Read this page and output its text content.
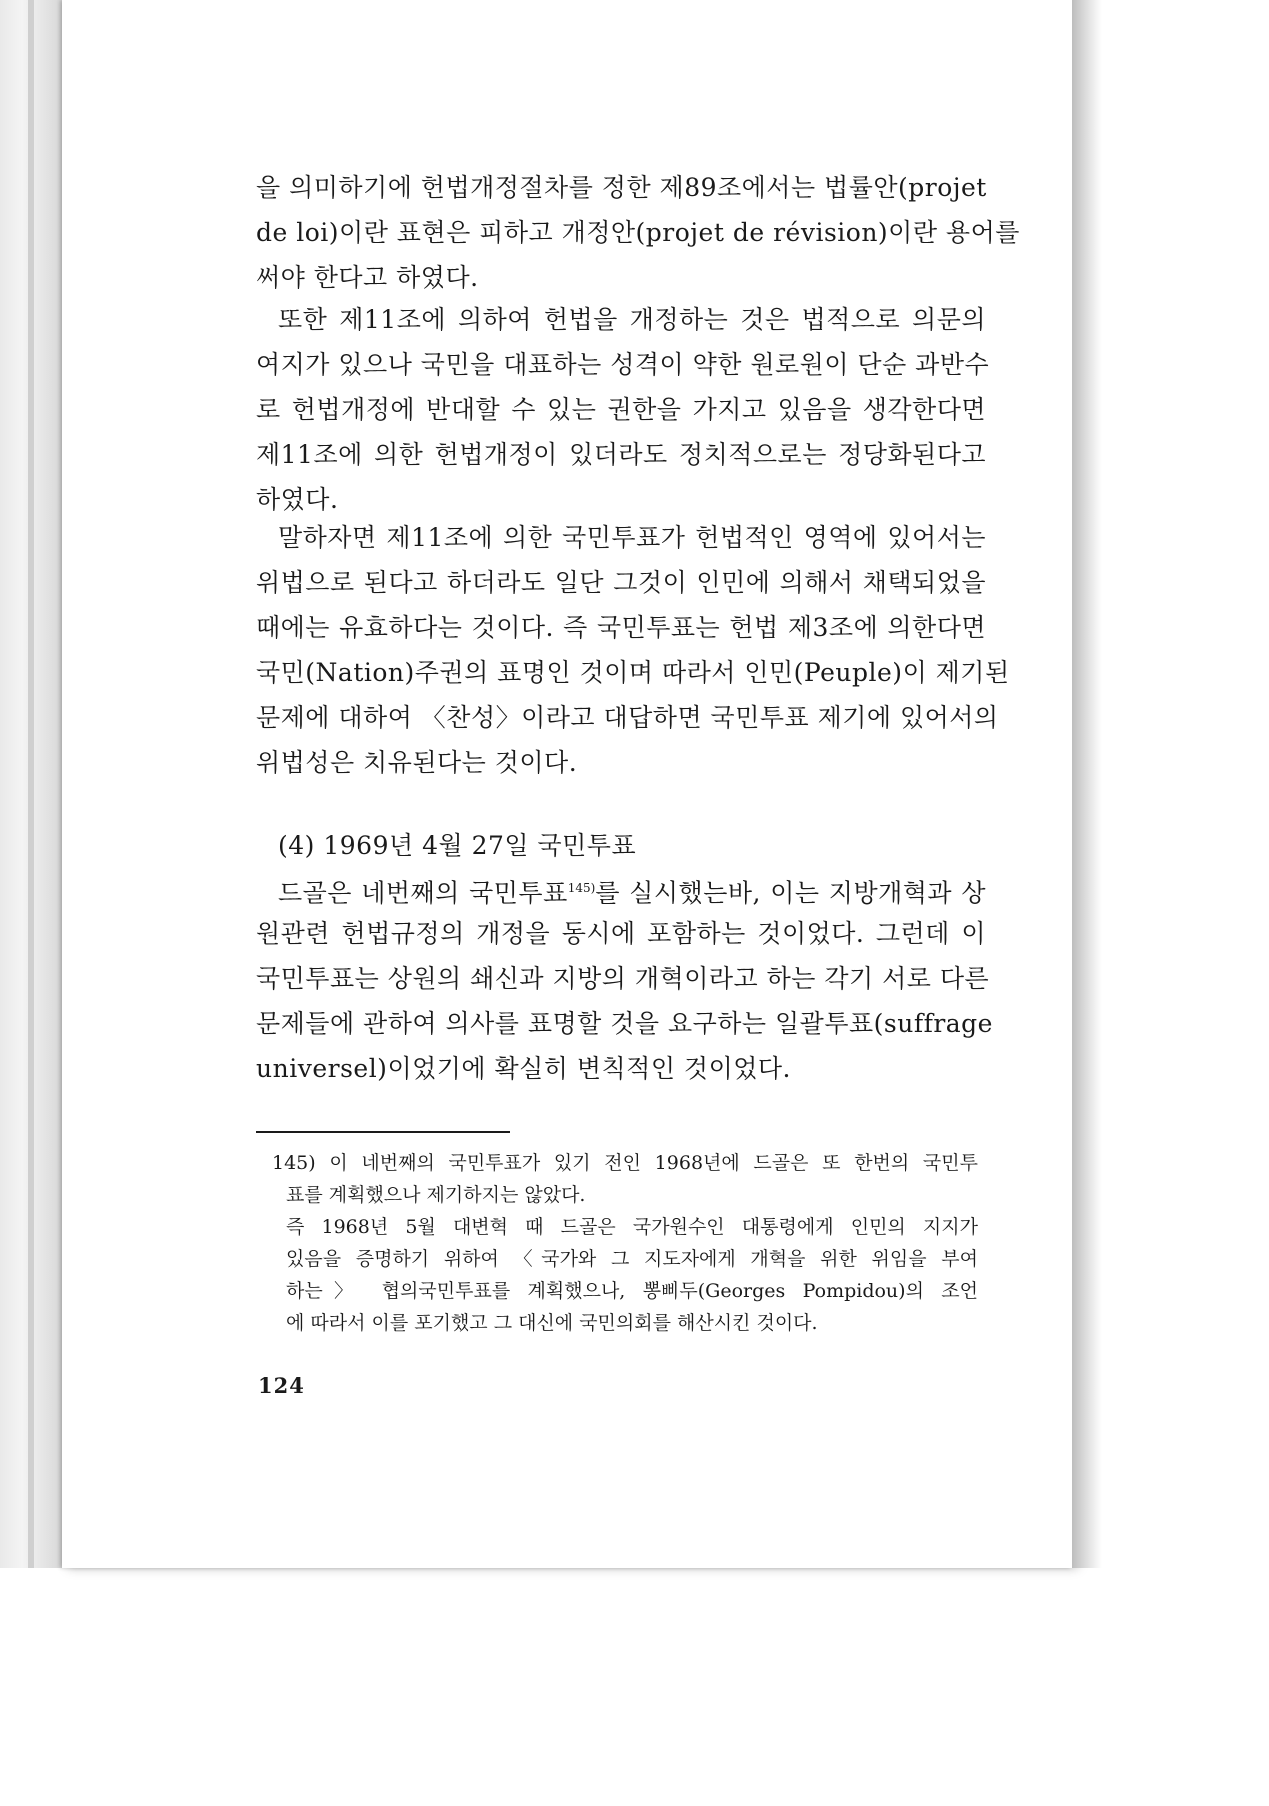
을 의미하기에 헌법개정절차를 정한 제89조에서는 법률안(projet
de loi)이란 표현은 피하고 개정안(projet de révision)이란 용어를
써야 한다고 하였다.
또한 제11조에 의하여 헌법을 개정하는 것은 법적으로 의문의
여지가 있으나 국민을 대표하는 성격이 약한 원로원이 단순 과반수
로 헌법개정에 반대할 수 있는 권한을 가지고 있음을 생각한다면
제11조에 의한 헌법개정이 있더라도 정치적으로는 정당화된다고
하였다.
말하자면 제11조에 의한 국민투표가 헌법적인 영역에 있어서는
위법으로 된다고 하더라도 일단 그것이 인민에 의해서 채택되었을
때에는 유효하다는 것이다. 즉 국민투표는 헌법 제3조에 의한다면
국민(Nation)주권의 표명인 것이며 따라서 인민(Peuple)이 제기된
문제에 대하여 〈찬성〉이라고 대답하면 국민투표 제기에 있어서의
위법성은 치유된다는 것이다.
(4) 1969년 4월 27일 국민투표
드골은 네번째의 국민투표$^{145)}$를 실시했는바, 이는 지방개혁과 상
원관련 헌법규정의 개정을 동시에 포함하는 것이었다. 그런데 이
국민투표는 상원의 쇄신과 지방의 개혁이라고 하는 각기 서로 다른
문제들에 관하여 의사를 표명할 것을 요구하는 일괄투표(suffrage
universel)이었기에 확실히 변칙적인 것이었다.
145) 이 네번째의 국민투표가 있기 전인 1968년에 드골은 또 한번의 국민투
표를 계획했으나 제기하지는 않았다.
즉 1968년 5월 대변혁 때 드골은 국가원수인 대통령에게 인민의 지지가
있음을 증명하기 위하여 〈국가와 그 지도자에게 개혁을 위한 위임을 부여
하는〉 협의국민투표를 계획했으나, 뽕삐두(Georges Pompidou)의 조언
에 따라서 이를 포기했고 그 대신에 국민의회를 해산시킨 것이다.
124
